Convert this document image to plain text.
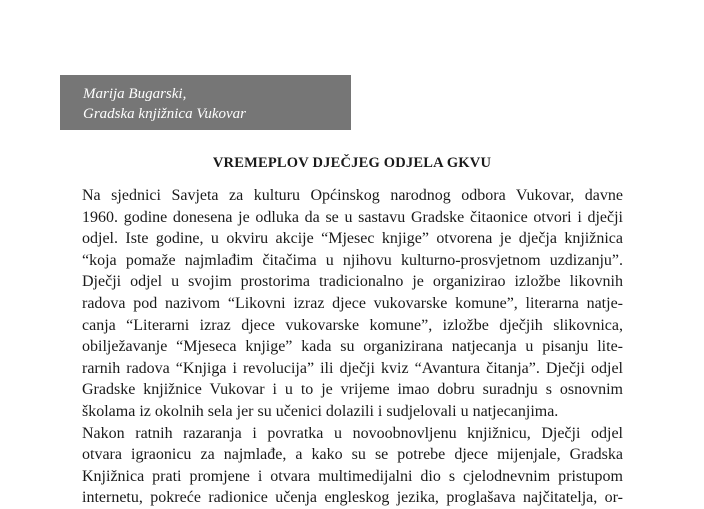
Marija Bugarski,
Gradska knjižnica Vukovar
VREMEPLOV DJEČJEG ODJELA GKVU
Na sjednici Savjeta za kulturu Općinskog narodnog odbora Vukovar, davne
1960. godine donesena je odluka da se u sastavu Gradske čitaonice otvori i dječji
odjel. Iste godine, u okviru akcije “Mjesec knjige” otvorena je dječja knjižnica
“koja pomaže najmlađim čitačima u njihovu kulturno-prosvjetnom uzdizanju”.
Dječji odjel u svojim prostorima tradicionalno je organizirao izložbe likovnih
radova pod nazivom “Likovni izraz djece vukovarske komune”, literarna natje-
canja “Literarni izraz djece vukovarske komune”, izložbe dječjih slikovnica,
obilježavanje “Mjeseca knjige” kada su organizirana natjecanja u pisanju lite-
rarnih radova “Knjiga i revolucija” ili dječji kviz “Avantura čitanja”. Dječji odjel
Gradske knjižnice Vukovar i u to je vrijeme imao dobru suradnju s osnovnim
školama iz okolnih sela jer su učenici dolazili i sudjelovali u natjecanjima.
Nakon ratnih razaranja i povratka u novoobnovljenu knjižnicu, Dječji odjel
otvara igraonicu za najmlađe, a kako su se potrebe djece mijenjale, Gradska
Knjižnica prati promjene i otvara multimedijalni dio s cjelodnevnim pristupom
internetu, pokreće radionice učenja engleskog jezika, proglašava najčitatelja, or-
